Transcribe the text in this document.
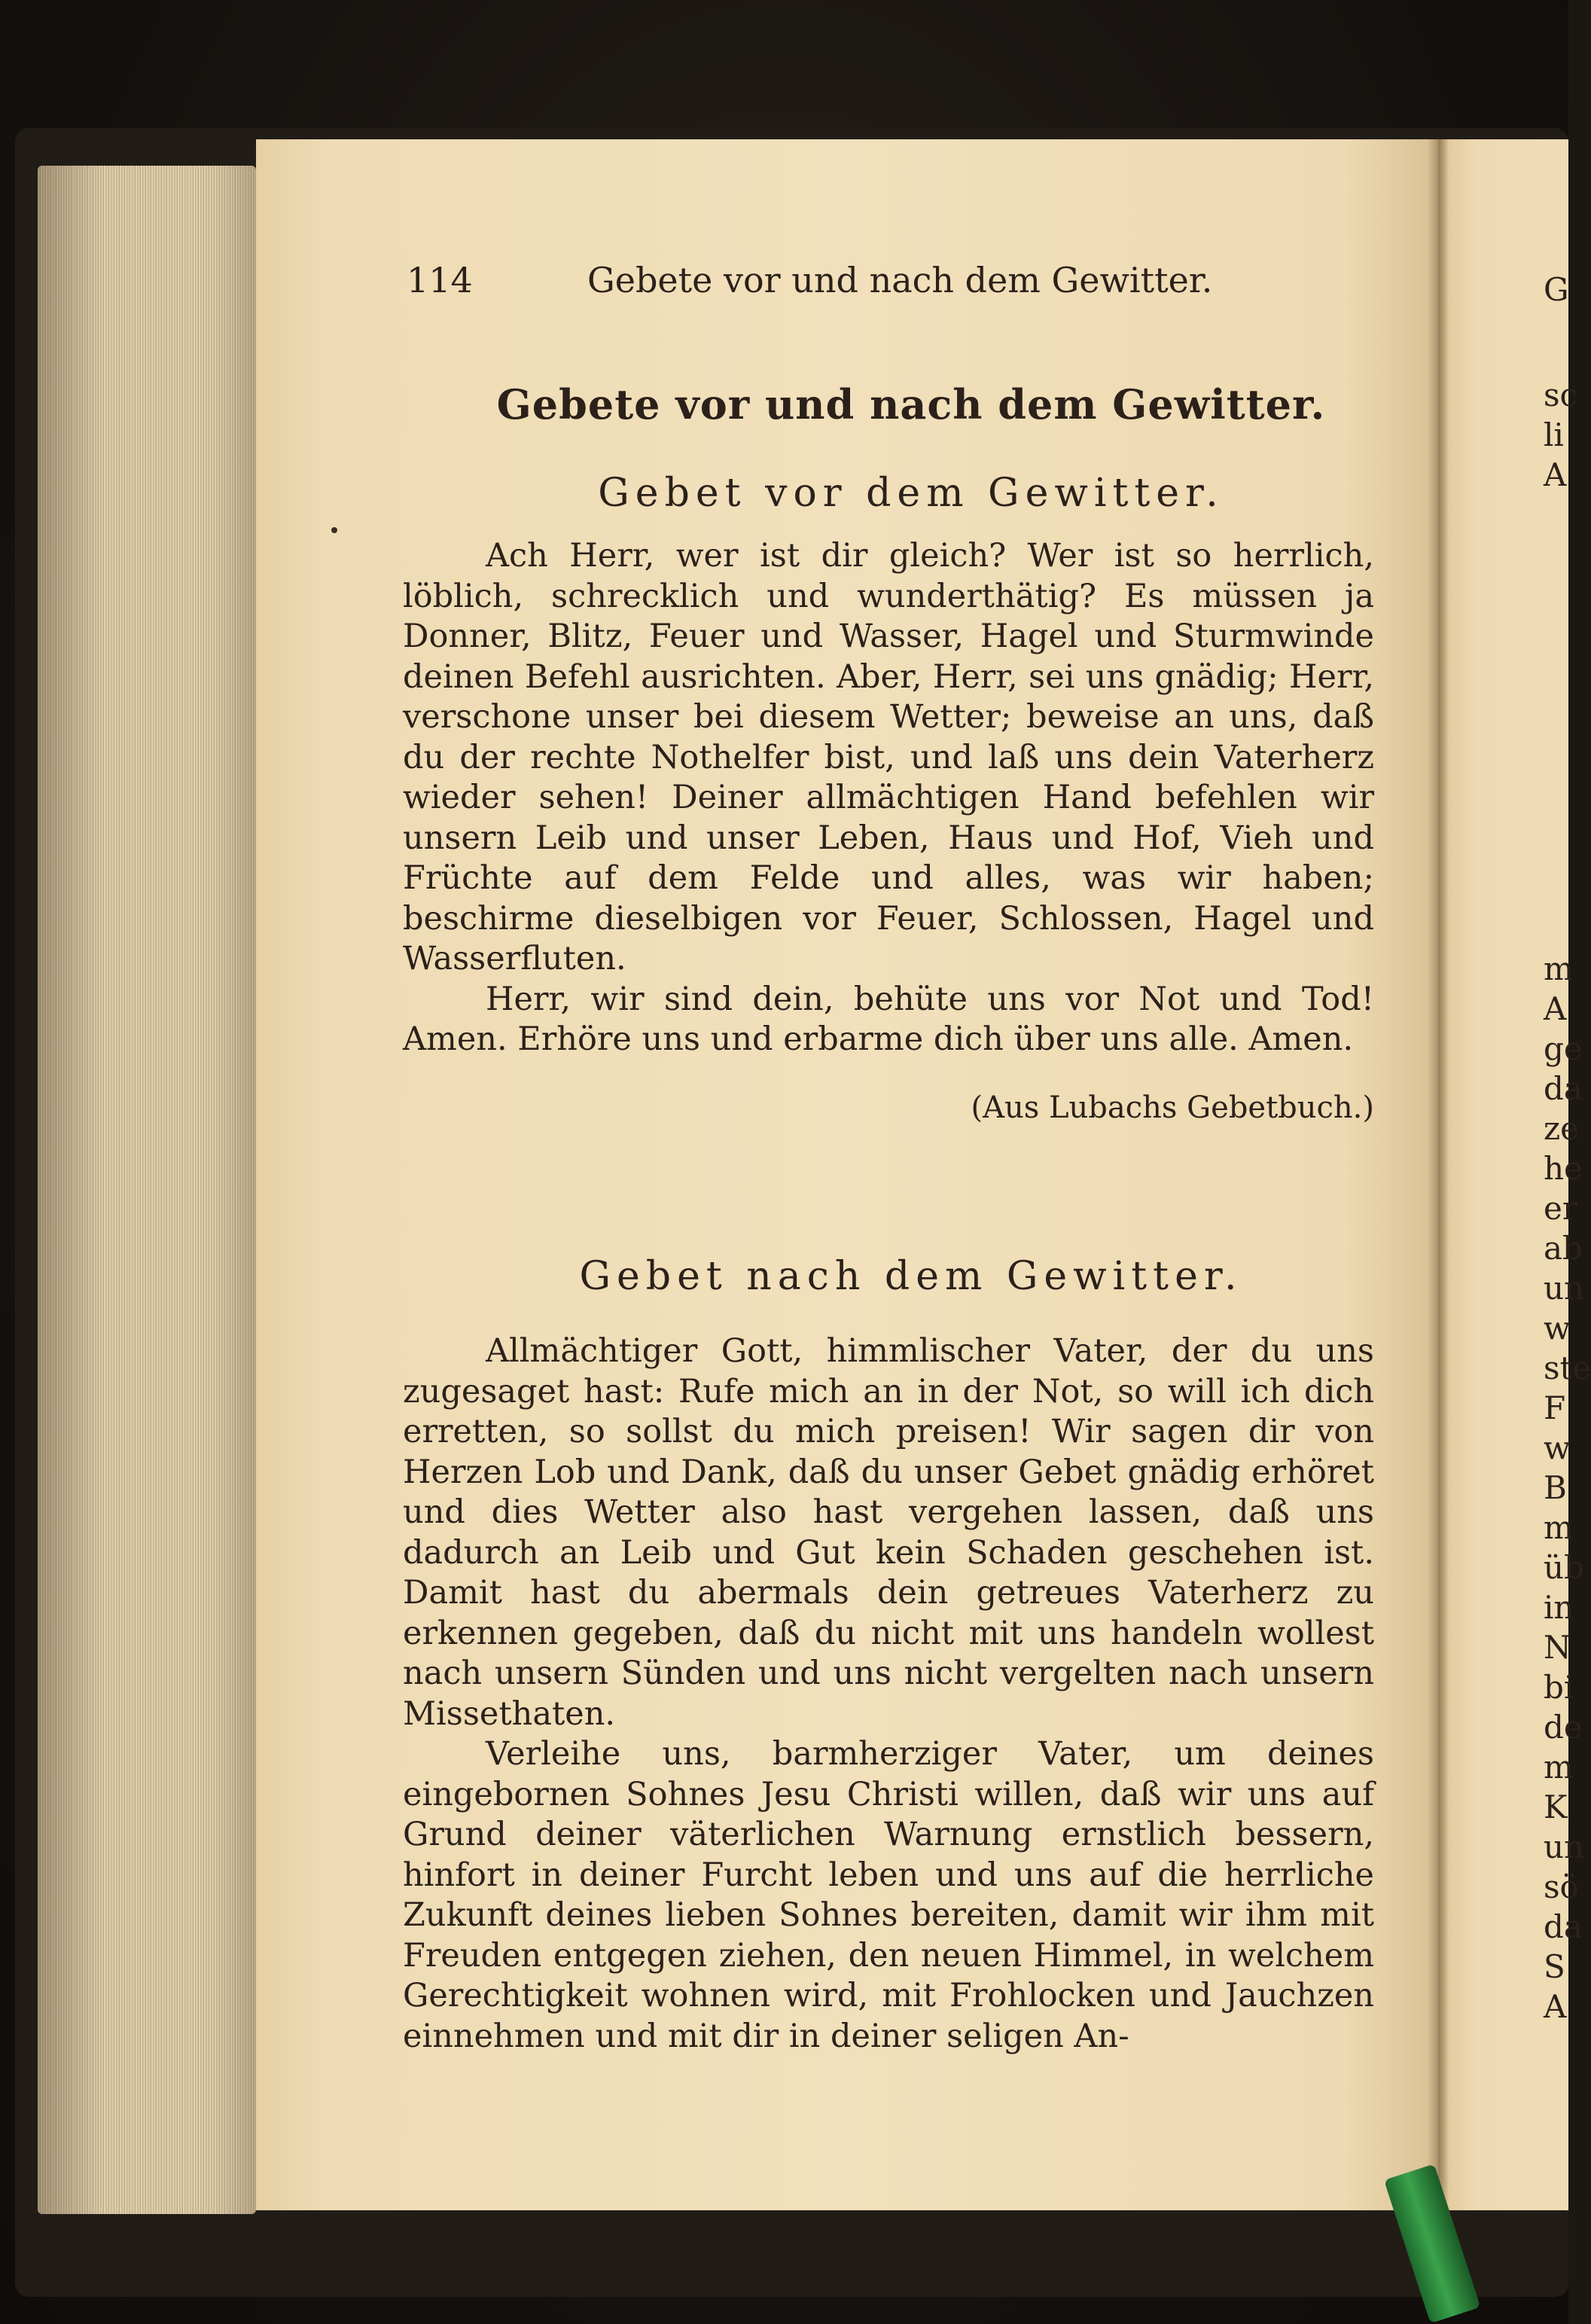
114	Gebete vor und nach dem Gewitter.
Gebete vor und nach dem Gewitter.
Gebet vor dem Gewitter.

Ach Herr, wer ist dir gleich? Wer ist so herrlich, löblich, schrecklich und wunderthätig? Es müssen ja Donner, Blitz, Feuer und Wasser, Hagel und Sturmwinde deinen Befehl ausrichten. Aber, Herr, sei uns gnädig; Herr, verschone unser bei diesem Wetter; beweise an uns, daß du der rechte Nothelfer bist, und laß uns dein Vaterherz wieder sehen! Deiner allmächtigen Hand befehlen wir unsern Leib und unser Leben, Haus und Hof, Vieh und Früchte auf dem Felde und alles, was wir haben; beschirme dieselbigen vor Feuer, Schlossen, Hagel und Wasserfluten.

Herr, wir sind dein, behüte uns vor Not und Tod! Amen. Erhöre uns und erbarme dich über uns alle. Amen.

(Aus Lubachs Gebetbuch.)
Gebet nach dem Gewitter.

Allmächtiger Gott, himmlischer Vater, der du uns zugesaget hast: Rufe mich an in der Not, so will ich dich erretten, so sollst du mich preisen! Wir sagen dir von Herzen Lob und Dank, daß du unser Gebet gnädig erhöret und dies Wetter also hast vergehen lassen, daß uns dadurch an Leib und Gut kein Schaden geschehen ist. Damit hast du abermals dein getreues Vaterherz zu erkennen gegeben, daß du nicht mit uns handeln wollest nach unsern Sünden und uns nicht vergelten nach unsern Missethaten.

Verleihe uns, barmherziger Vater, um deines eingebornen Sohnes Jesu Christi willen, daß wir uns auf Grund deiner väterlichen Warnung ernstlich bessern, hinfort in deiner Furcht leben und uns auf die herrliche Zukunft deines lieben Sohnes bereiten, damit wir ihm mit Freuden entgegen ziehen, den neuen Himmel, in welchem Gerechtigkeit wohnen wird, mit Frohlocken und Jauchzen einnehmen und mit dir in deiner seligen An-

G
sc
li
A
m
A
ge
da
ze
he
er
ab
un
w
ste
F
w
B
m
üb
in
N
bi
de
m
K
un
sö
da
S
A
